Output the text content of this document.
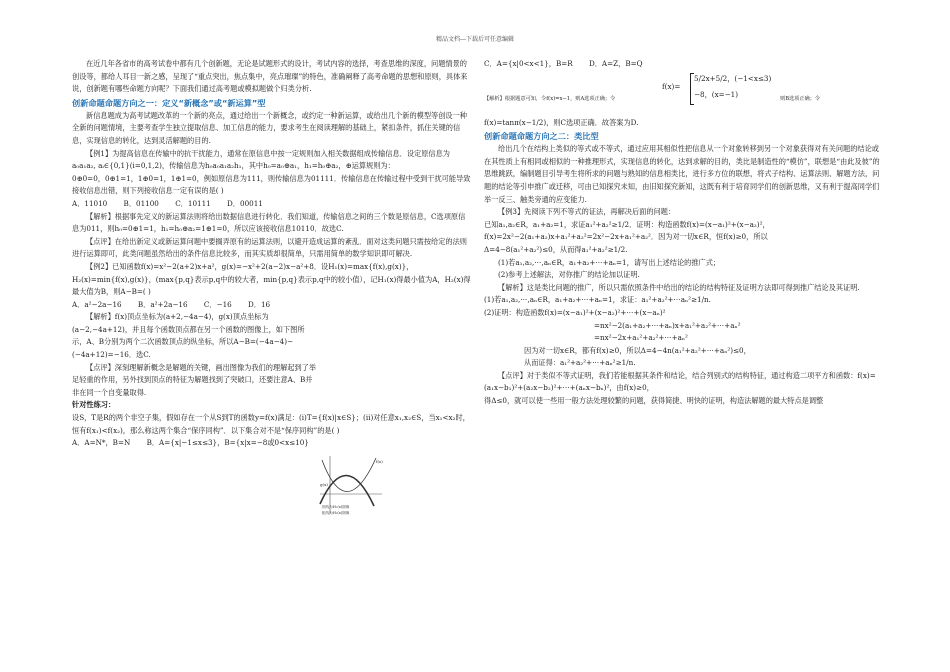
精品文档---下载后可任意编辑

在近几年各省市的高考试卷中都有几个创新题，无论是试题形式的设计，考试内容的选择，考查思维的深度，问题情景的创设等，都给人耳目一新之感，呈现了“重点突出，焦点集中，亮点璀璨”的特色，准确阐释了高考命题的思想和原则，具体来说，创新题有哪些命题方向呢？下面我们通过高考题或模拟题做个归类分析.

创新命题命题方向之一：定义“新概念”或“新运算”型

新信息题成为高考试题改革的一个新的亮点，通过给出一个新概念，或约定一种新运算，或给出几个新的模型等创设一种全新的问题情境，主要考查学生独立提取信息、加工信息的能力，要求考生在阅读理解的基础上，紧扣条件，抓住关键的信息，实现信息的转化，达到灵活解题的目的.

【例1】为提高信息在传输中的抗干扰能力，通常在原信息中按一定规则加入相关数据组成传输信息．设定原信息为a₀a₁a₂, aᵢ∈{0,1}(i=0,1,2)，传输信息为h₀a₀a₁a₂h₁，其中h₀=a₀⊕a₁，h₁=h₀⊕a₂，⊕运算规则为：

0⊕0=0，0⊕1=1，1⊕0=1，1⊕1=0，例如原信息为111，则传输信息为01111．传输信息在传输过程中受到干扰可能导致接收信息出错，则下列接收信息一定有误的是( )

A．11010 B．01100 C．10111 D．00011

【解析】根据事先定义的新运算法则将给出数据信息进行转化．我们知道，传输信息之间的三个数是原信息，C选项原信息为011，则h₀=0⊕1=1，h₁=h₀⊕a₂=1⊕1=0，所以应该接收信息10110．故选C.

【点评】在给出新定义或新运算问题中要搁弄原有的运算法则，以避开造成运算的紊乱．面对这类问题只需按给定的法则进行运算即可，此类问题虽然给出的条件信息比较多，而其实质却很简单，只需用简单的数学知识即可解决.

【例2】已知函数f(x)=x²−2(a+2)x+a²，g(x)=−x²+2(a−2)x−a²+8．设H₁(x)=max{f(x),g(x)}，H₂(x)=min{f(x),g(x)}，(max{p,q}表示p,q中的较大者，min{p,q}表示p,q中的较小值），记H₁(x)得最小值为A，H₂(x)得最大值为B，则A−B=( )

A．a²−2a−16 B．a²+2a−16 C．−16 D．16

【解析】f(x)顶点坐标为(a+2,−4a−4)，g(x)顶点坐标为(a−2,−4a+12)，并且每个函数顶点都在另一个函数的图像上，如下图所示，A、B分别为两个二次函数顶点的纵坐标，所以A−B=(−4a−4)−(−4a+12)=−16．选C.

【点评】深刻理解新概念是解题的关键，画出图像为我们的理解起到了举足轻重的作用，另外找到顶点的特征为解题找到了突破口，还要注意A、B并非在同一个自变量取得.

针对性练习：

设S，T是R的两个非空子集，假如存在一个从S到T的函数y=f(x)满足：(i)T={f(x)|x∈S}；(ii)对任意x₁,x₂∈S，当x₁<x₂时，恒有f(x₁)<f(x₂)，那么称这两个集合“保序同构”．以下集合对不是“保序同构”的是( )

A．A=N*，B=N B．A={x|−1≤x≤3}，B={x|x=−8或0<x≤10}

g(x)
f(x)
细线为H₁(x)图像
粗线为H₂(x)图像

C．A={x|0<x<1}，B=R D．A=Z，B=Q

f(x)=
5/2x+5/2，(−1<x≤3)
−8，(x=−1)
【解析】根据题意可知，令f(x)=x−1，则A选项正确；令	则B选项正确；令

f(x)=tanπ(x−1/2)，则C选项正确．故答案为D.

创新命题命题方向之二：类比型

给出几个在结构上类似的等式或不等式，通过应用其相似性把信息从一个对象转移到另一个对象获得对有关问题的结论或在其性质上有相同或相似的一种推理形式，实现信息的转化，达到求解的目的，类比是制造性的“模仿”，联想是“由此及彼”的思维跳跃，编制题目引导考生将所求的问题与熟知的信息相类比，进行多方位的联想，将式子结构、运算法则、解题方法，问题的结论等引申推广或迁移，可由已知探究未知，由旧知探究新知，这既有利于培育同学们的创新思维，又有利于提高同学们举一反三、触类旁通的应变能力.

【例3】先阅读下列不等式的证法，再解决后面的问题：

已知a₁,a₂∈R，a₁+a₂=1，求证a₁²+a₂²≥1/2．证明：构造函数f(x)=(x−a₁)²+(x−a₂)²，

f(x)=2x²−2(a₁+a₂)x+a₁²+a₂²=2x²−2x+a₁²+a₂²．因为对一切x∈R，恒f(x)≥0，所以

Δ=4−8(a₁²+a₂²)≤0，从而得a₁²+a₂²≥1/2.

(1)若a₁,a₂,⋯,aₙ∈R，a₁+a₂+⋯+aₙ=1，请写出上述结论的推广式；

(2)参考上述解法，对你推广的结论加以证明.

【解析】这是类比问题的推广，所以只需依照条件中给出的结论的结构特征及证明方法即可得到推广结论及其证明.

(1)若a₁,a₂,⋯,aₙ∈R，a₁+a₂+⋯+aₙ=1，求证：a₁²+a₂²+⋯aₙ²≥1/n.

(2)证明：构造函数f(x)=(x−a₁)²+(x−a₂)²+⋯+(x−aₙ)²

=nx²−2(a₁+a₂+⋯+aₙ)x+a₁²+a₂²+⋯+aₙ²

=nx²−2x+a₁²+a₂²+⋯+aₙ²

因为对一切x∈R，都有f(x)≥0，所以Δ=4−4n(a₁²+a₂²+⋯+aₙ²)≤0，

从而证得：a₁²+a₂²+⋯+aₙ²≥1/n.

【点评】对于类似不等式证明，我们若能根据其条件和结论，结合列别式的结构特征，通过构造二项平方和函数：f(x)=(a₁x−b₁)²+(a₂x−b₂)²+⋯+(aₙx−bₙ)²，由f(x)≥0，

得Δ≤0，就可以使一些用一般方法处理较繁的问题，获得简捷、明快的证明，构造法解题的最大特点是调整
